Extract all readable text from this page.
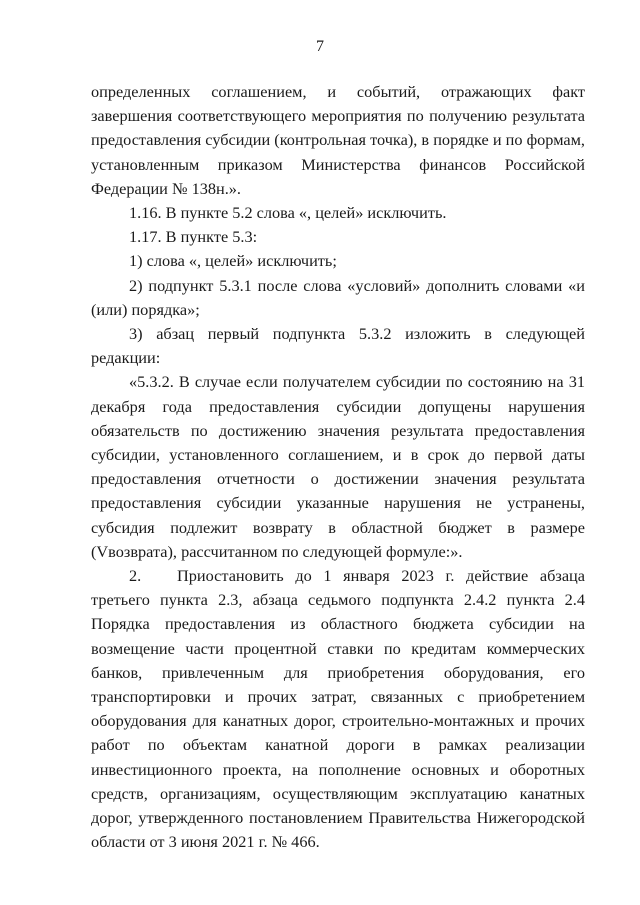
7

определенных соглашением, и событий, отражающих факт завершения соответствующего мероприятия по получению результата предоставления субсидии (контрольная точка), в порядке и по формам, установленным приказом Министерства финансов Российской Федерации № 138н.».

1.16. В пункте 5.2 слова «, целей» исключить.

1.17. В пункте 5.3:

1) слова «, целей» исключить;

2) подпункт 5.3.1 после слова «условий» дополнить словами «и (или) порядка»;

3) абзац первый подпункта 5.3.2 изложить в следующей редакции:

«5.3.2. В случае если получателем субсидии по состоянию на 31 декабря года предоставления субсидии допущены нарушения обязательств по достижению значения результата предоставления субсидии, установленного соглашением, и в срок до первой даты предоставления отчетности о достижении значения результата предоставления субсидии указанные нарушения не устранены, субсидия подлежит возврату в областной бюджет в размере (Vвозврата), рассчитанном по следующей формуле:».

2. Приостановить до 1 января 2023 г. действие абзаца третьего пункта 2.3, абзаца седьмого подпункта 2.4.2 пункта 2.4 Порядка предоставления из областного бюджета субсидии на возмещение части процентной ставки по кредитам коммерческих банков, привлеченным для приобретения оборудования, его транспортировки и прочих затрат, связанных с приобретением оборудования для канатных дорог, строительно-монтажных и прочих работ по объектам канатной дороги в рамках реализации инвестиционного проекта, на пополнение основных и оборотных средств, организациям, осуществляющим эксплуатацию канатных дорог, утвержденного постановлением Правительства Нижегородской области от 3 июня 2021 г. № 466.
